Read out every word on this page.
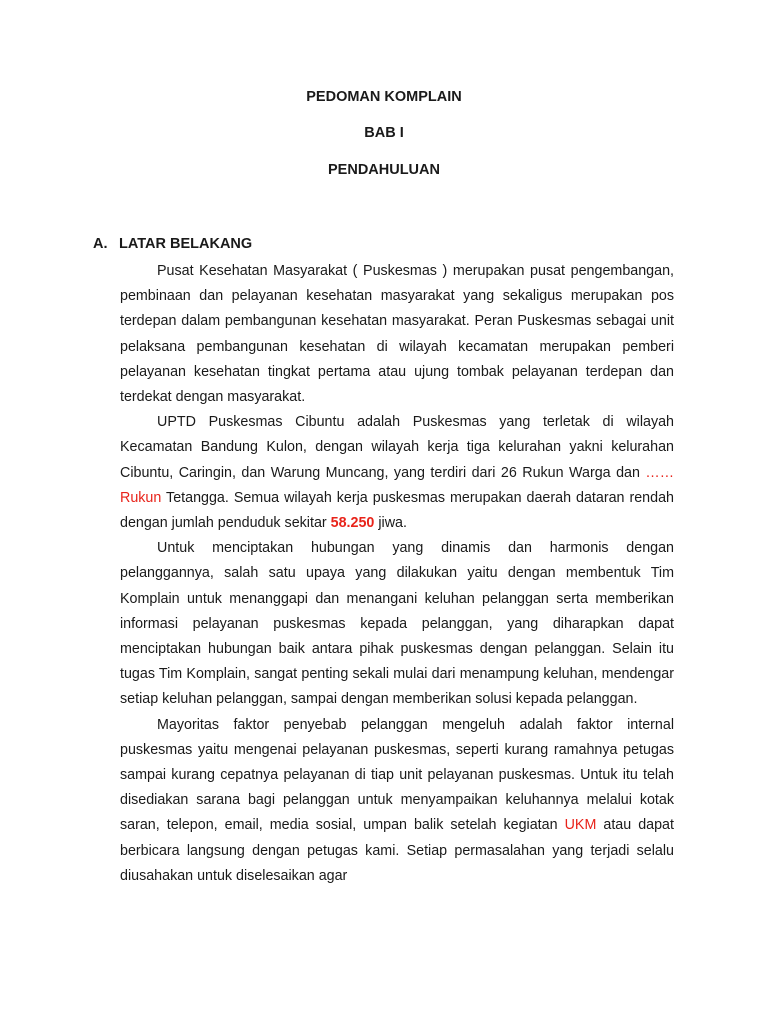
PEDOMAN KOMPLAIN
BAB I
PENDAHULUAN
A. LATAR BELAKANG

Pusat Kesehatan Masyarakat ( Puskesmas ) merupakan pusat pengembangan, pembinaan dan pelayanan kesehatan masyarakat yang sekaligus merupakan pos terdepan dalam pembangunan kesehatan masyarakat. Peran Puskesmas sebagai unit pelaksana pembangunan kesehatan di wilayah kecamatan merupakan pemberi pelayanan kesehatan tingkat pertama atau ujung tombak pelayanan terdepan dan terdekat dengan masyarakat.

UPTD Puskesmas Cibuntu adalah Puskesmas yang terletak di wilayah Kecamatan Bandung Kulon, dengan wilayah kerja tiga kelurahan yakni kelurahan Cibuntu, Caringin, dan Warung Muncang, yang terdiri dari 26 Rukun Warga dan …… Rukun Tetangga. Semua wilayah kerja puskesmas merupakan daerah dataran rendah dengan jumlah penduduk sekitar 58.250 jiwa.

Untuk menciptakan hubungan yang dinamis dan harmonis dengan pelanggannya, salah satu upaya yang dilakukan yaitu dengan membentuk Tim Komplain untuk menanggapi dan menangani keluhan pelanggan serta memberikan informasi pelayanan puskesmas kepada pelanggan, yang diharapkan dapat menciptakan hubungan baik antara pihak puskesmas dengan pelanggan. Selain itu tugas Tim Komplain, sangat penting sekali mulai dari menampung keluhan, mendengar setiap keluhan pelanggan, sampai dengan memberikan solusi kepada pelanggan.

Mayoritas faktor penyebab pelanggan mengeluh adalah faktor internal puskesmas yaitu mengenai pelayanan puskesmas, seperti kurang ramahnya petugas sampai kurang cepatnya pelayanan di tiap unit pelayanan puskesmas. Untuk itu telah disediakan sarana bagi pelanggan untuk menyampaikan keluhannya melalui kotak saran, telepon, email, media sosial, umpan balik setelah kegiatan UKM atau dapat berbicara langsung dengan petugas kami. Setiap permasalahan yang terjadi selalu diusahakan untuk diselesaikan agar
